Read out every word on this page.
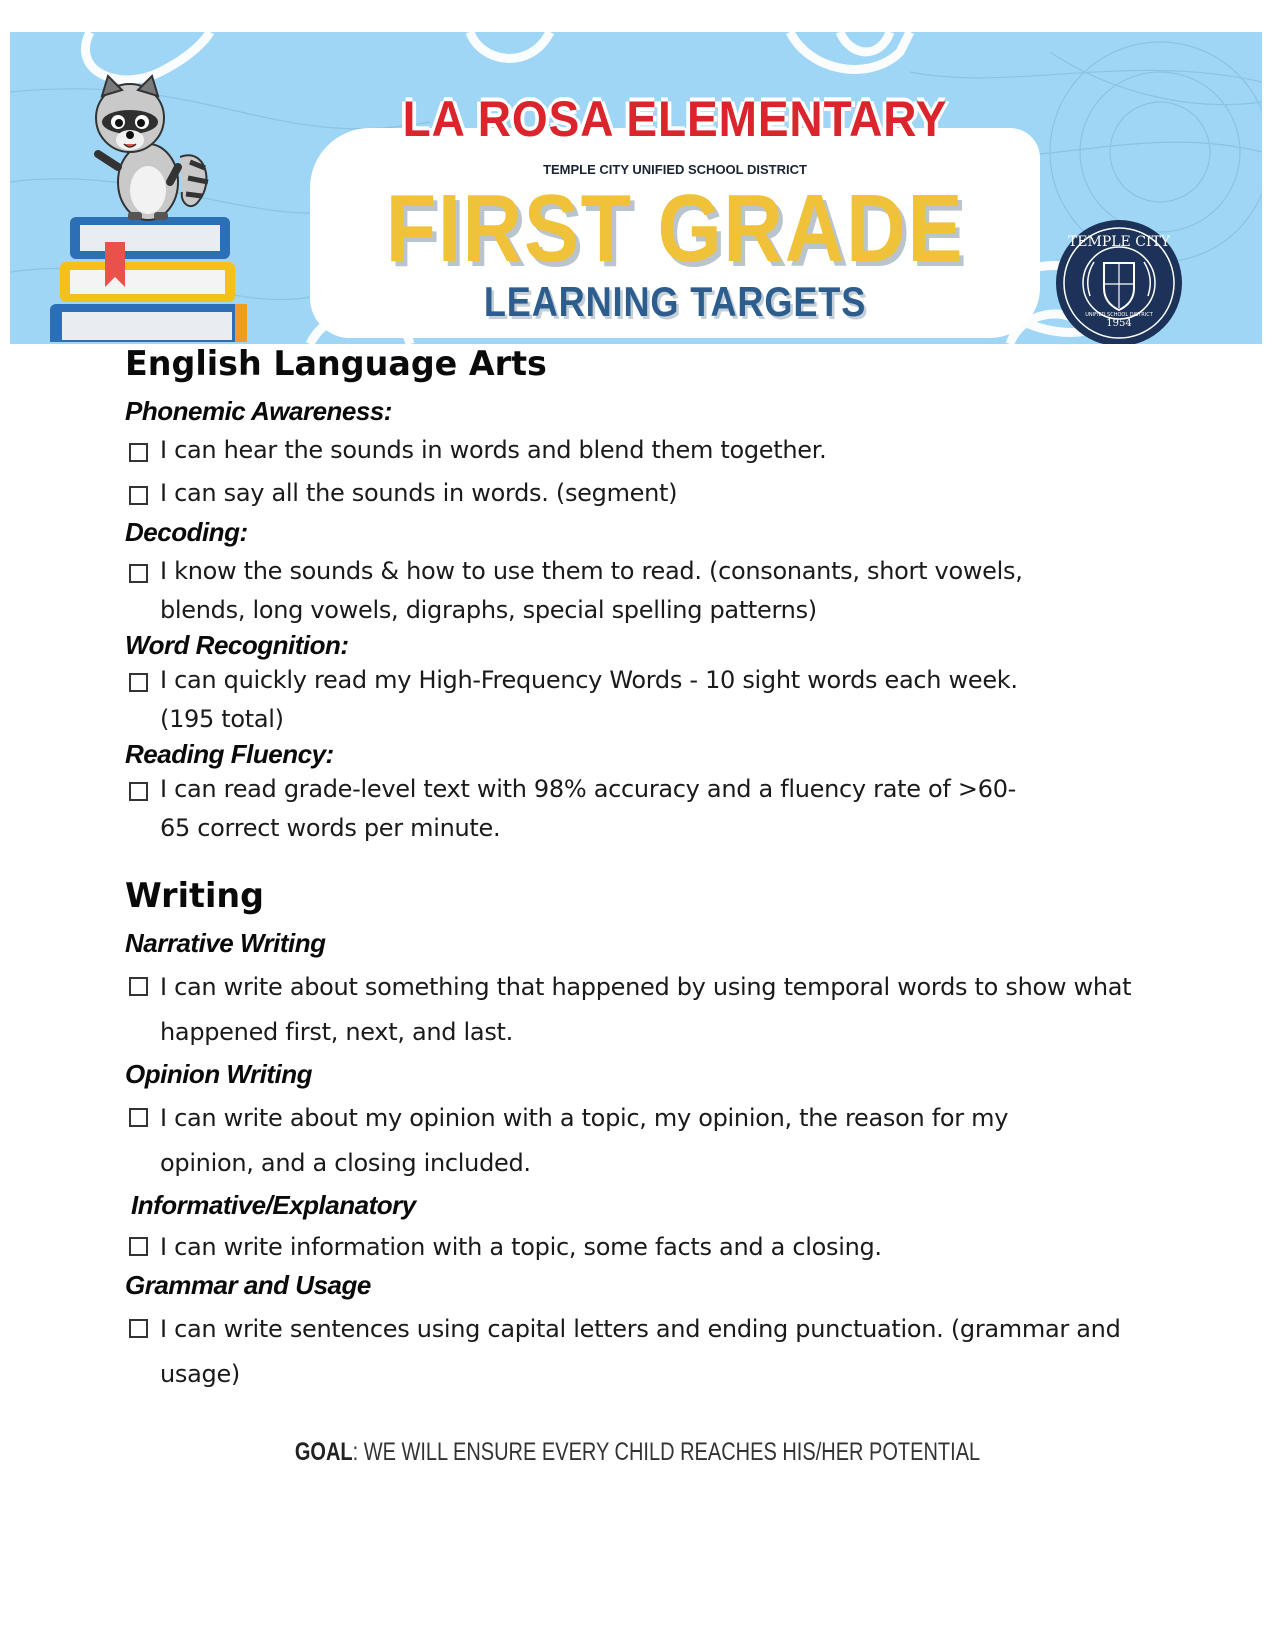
LA ROSA ELEMENTARY
TEMPLE CITY UNIFIED SCHOOL DISTRICT
FIRST GRADE
LEARNING TARGETS
TEMPLE CITY
1954
UNIFIED SCHOOL DISTRICT
English Language Arts
Phonemic Awareness:
I can hear the sounds in words and blend them together.
I can say all the sounds in words. (segment)
Decoding:
I know the sounds & how to use them to read. (consonants, short vowels, blends, long vowels, digraphs, special spelling patterns)
Word Recognition:
I can quickly read my High-Frequency Words - 10 sight words each week. (195 total)
Reading Fluency:
I can read grade-level text with 98% accuracy and a fluency rate of >60-65 correct words per minute.
Writing
Narrative Writing
I can write about something that happened by using temporal words to show what happened first, next, and last.
Opinion Writing
I can write about my opinion with a topic, my opinion, the reason for my opinion, and a closing included.
Informative/Explanatory
I can write information with a topic, some facts and a closing.
Grammar and Usage
I can write sentences using capital letters and ending punctuation. (grammar and usage)
GOAL: WE WILL ENSURE EVERY CHILD REACHES HIS/HER POTENTIAL
